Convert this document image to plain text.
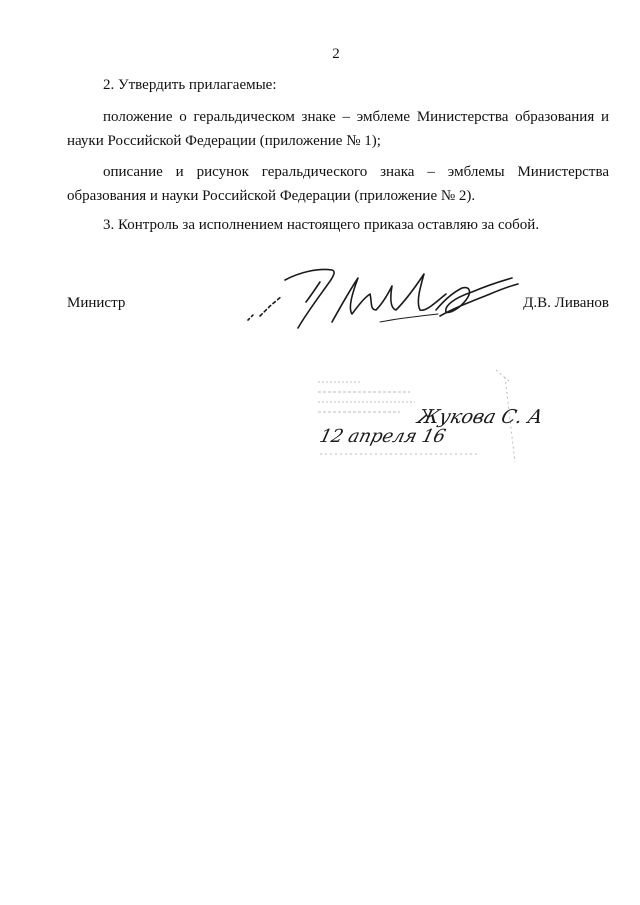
2

2. Утвердить прилагаемые:

положение о геральдическом знаке – эмблеме Министерства образования и науки Российской Федерации (приложение № 1);

описание и рисунок геральдического знака – эмблемы Министерства образования и науки Российской Федерации (приложение № 2).

3. Контроль за исполнением настоящего приказа оставляю за собой.

Министр	Д.В. Ливанов
Жукова С. А
12 апреля 16
